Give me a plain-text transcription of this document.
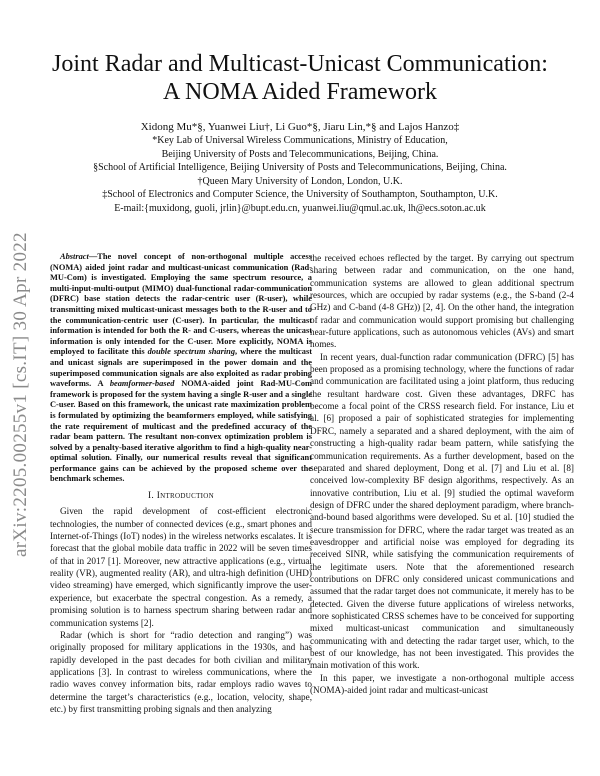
arXiv:2205.00255v1 [cs.IT] 30 Apr 2022
Joint Radar and Multicast-Unicast Communication: A NOMA Aided Framework
Xidong Mu*§, Yuanwei Liu†, Li Guo*§, Jiaru Lin,*§ and Lajos Hanzo‡
*Key Lab of Universal Wireless Communications, Ministry of Education,
Beijing University of Posts and Telecommunications, Beijing, China.
§School of Artificial Intelligence, Beijing University of Posts and Telecommunications, Beijing, China.
†Queen Mary University of London, London, U.K.
‡School of Electronics and Computer Science, the University of Southampton, Southampton, U.K.
E-mail:{muxidong, guoli, jrlin}@bupt.edu.cn, yuanwei.liu@qmul.ac.uk, lh@ecs.soton.ac.uk

Abstract—The novel concept of non-orthogonal multiple access (NOMA) aided joint radar and multicast-unicast communication (Rad-MU-Com) is investigated. Employing the same spectrum resource, a multi-input-multi-output (MIMO) dual-functional radar-communication (DFRC) base station detects the radar-centric user (R-user), while transmitting mixed multicast-unicast messages both to the R-user and to the communication-centric user (C-user). In particular, the multicast information is intended for both the R- and C-users, whereas the unicast information is only intended for the C-user. More explicitly, NOMA is employed to facilitate this double spectrum sharing, where the multicast and unicast signals are superimposed in the power domain and the superimposed communication signals are also exploited as radar probing waveforms. A beamformer-based NOMA-aided joint Rad-MU-Com framework is proposed for the system having a single R-user and a single C-user. Based on this framework, the unicast rate maximization problem is formulated by optimizing the beamformers employed, while satisfying the rate requirement of multicast and the predefined accuracy of the radar beam pattern. The resultant non-convex optimization problem is solved by a penalty-based iterative algorithm to find a high-quality near-optimal solution. Finally, our numerical results reveal that significant performance gains can be achieved by the proposed scheme over the benchmark schemes.

I. Introduction

Given the rapid development of cost-efficient electronic technologies, the number of connected devices (e.g., smart phones and Internet-of-Things (IoT) nodes) in the wireless networks escalates. It is forecast that the global mobile data traffic in 2022 will be seven times of that in 2017 [1]. Moreover, new attractive applications (e.g., virtual reality (VR), augmented reality (AR), and ultra-high definition (UHD) video streaming) have emerged, which significantly improve the user-experience, but exacerbate the spectral congestion. As a remedy, a promising solution is to harness spectrum sharing between radar and communication systems [2].

Radar (which is short for “radio detection and ranging”) was originally proposed for military applications in the 1930s, and has rapidly developed in the past decades for both civilian and military applications [3]. In contrast to wireless communications, where the radio waves convey information bits, radar employs radio waves to determine the target’s characteristics (e.g., location, velocity, shape, etc.) by first transmitting probing signals and then analyzing

the received echoes reflected by the target. By carrying out spectrum sharing between radar and communication, on the one hand, communication systems are allowed to glean additional spectrum resources, which are occupied by radar systems (e.g., the S-band (2-4 GHz) and C-band (4-8 GHz)) [2, 4]. On the other hand, the integration of radar and communication would support promising but challenging near-future applications, such as autonomous vehicles (AVs) and smart homes.

In recent years, dual-function radar communication (DFRC) [5] has been proposed as a promising technology, where the functions of radar and communication are facilitated using a joint platform, thus reducing the resultant hardware cost. Given these advantages, DRFC has become a focal point of the CRSS research field. For instance, Liu et al. [6] proposed a pair of sophisticated strategies for implementing DFRC, namely a separated and a shared deployment, with the aim of constructing a high-quality radar beam pattern, while satisfying the communication requirements. As a further development, based on the separated and shared deployment, Dong et al. [7] and Liu et al. [8] conceived low-complexity BF design algorithms, respectively. As an innovative contribution, Liu et al. [9] studied the optimal waveform design of DFRC under the shared deployment paradigm, where branch-and-bound based algorithms were developed. Su et al. [10] studied the secure transmission for DFRC, where the radar target was treated as an eavesdropper and artificial noise was employed for degrading its received SINR, while satisfying the communication requirements of the legitimate users. Note that the aforementioned research contributions on DFRC only considered unicast communications and assumed that the radar target does not communicate, it merely has to be detected. Given the diverse future applications of wireless networks, more sophisticated CRSS schemes have to be conceived for supporting mixed multicast-unicast communication and simultaneously communicating with and detecting the radar target user, which, to the best of our knowledge, has not been investigated. This provides the main motivation of this work.

In this paper, we investigate a non-orthogonal multiple access (NOMA)-aided joint radar and multicast-unicast
